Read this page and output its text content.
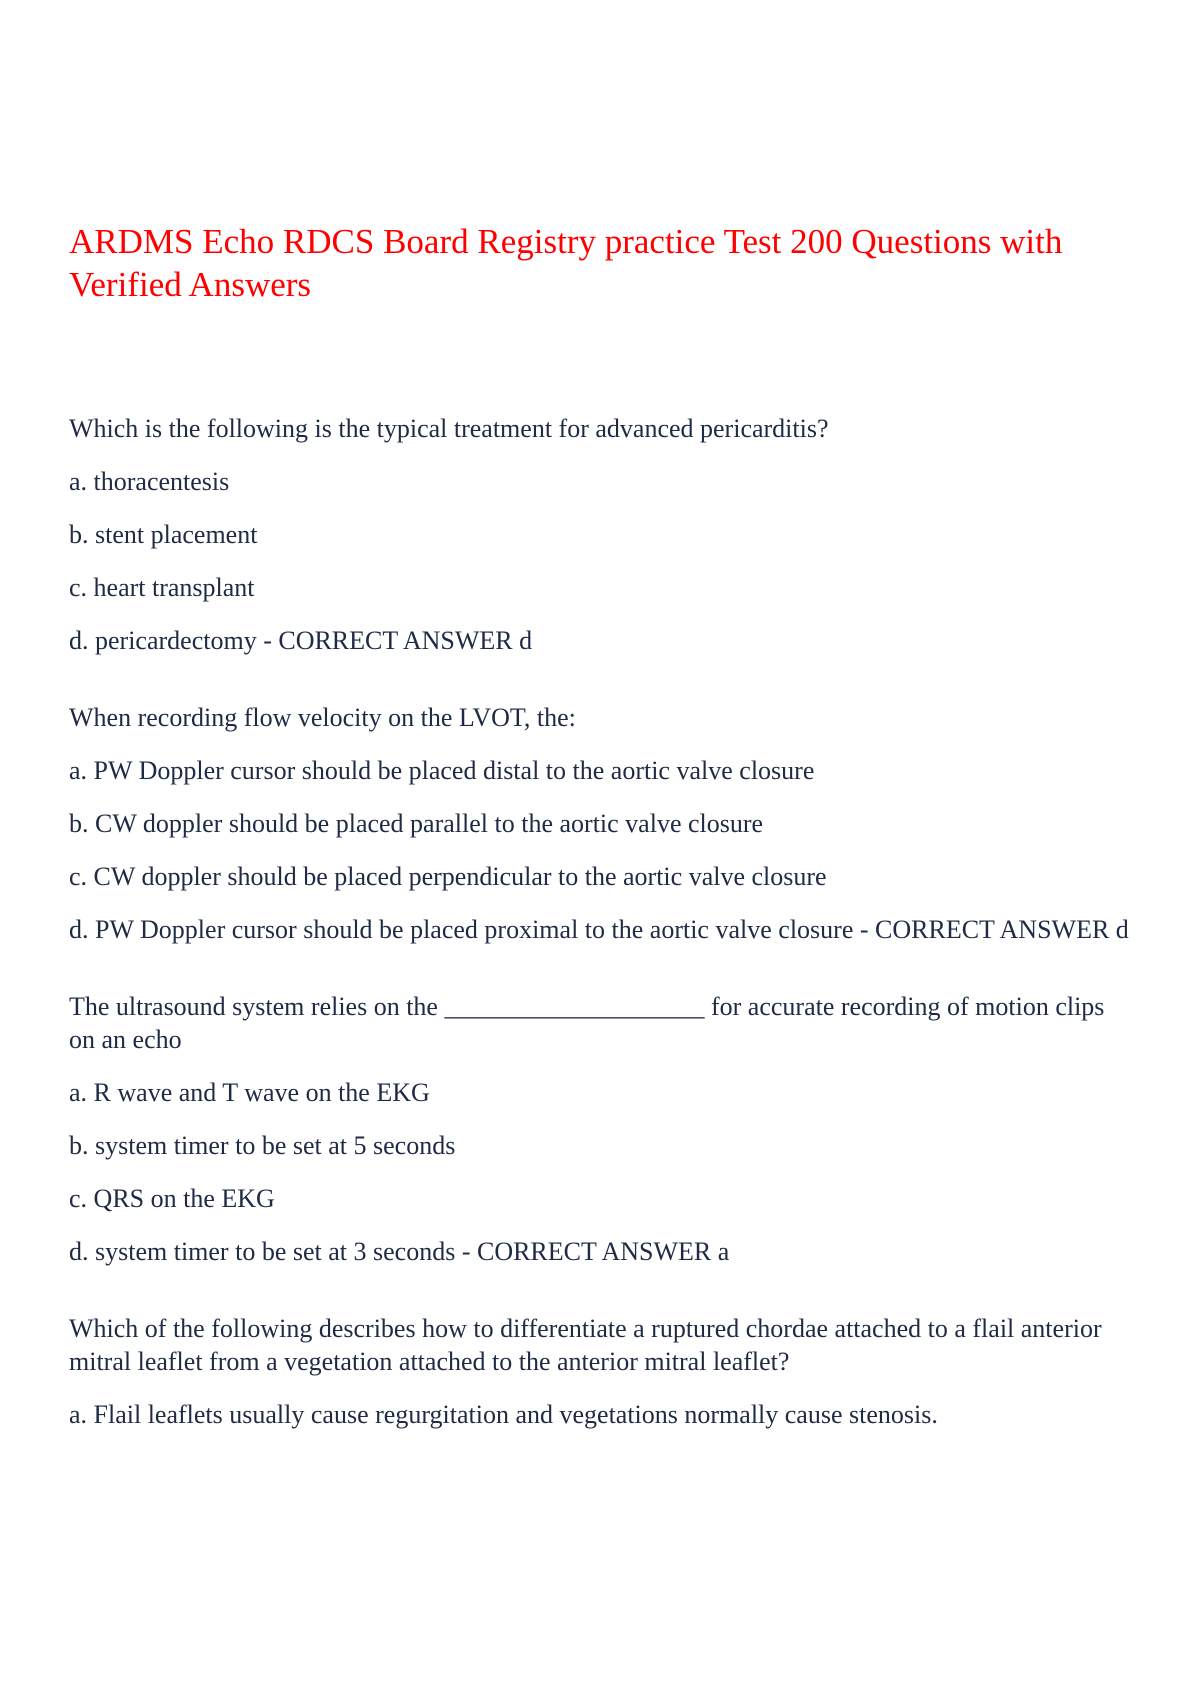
ARDMS Echo RDCS Board Registry practice Test 200 Questions with Verified Answers

Which is the following is the typical treatment for advanced pericarditis?

a. thoracentesis

b. stent placement

c. heart transplant

d. pericardectomy - CORRECT ANSWER d

When recording flow velocity on the LVOT, the:

a. PW Doppler cursor should be placed distal to the aortic valve closure

b. CW doppler should be placed parallel to the aortic valve closure

c. CW doppler should be placed perpendicular to the aortic valve closure

d. PW Doppler cursor should be placed proximal to the aortic valve closure - CORRECT ANSWER d

The ultrasound system relies on the ____________________ for accurate recording of motion clips on an echo

a. R wave and T wave on the EKG

b. system timer to be set at 5 seconds

c. QRS on the EKG

d. system timer to be set at 3 seconds - CORRECT ANSWER a

Which of the following describes how to differentiate a ruptured chordae attached to a flail anterior mitral leaflet from a vegetation attached to the anterior mitral leaflet?

a. Flail leaflets usually cause regurgitation and vegetations normally cause stenosis.
